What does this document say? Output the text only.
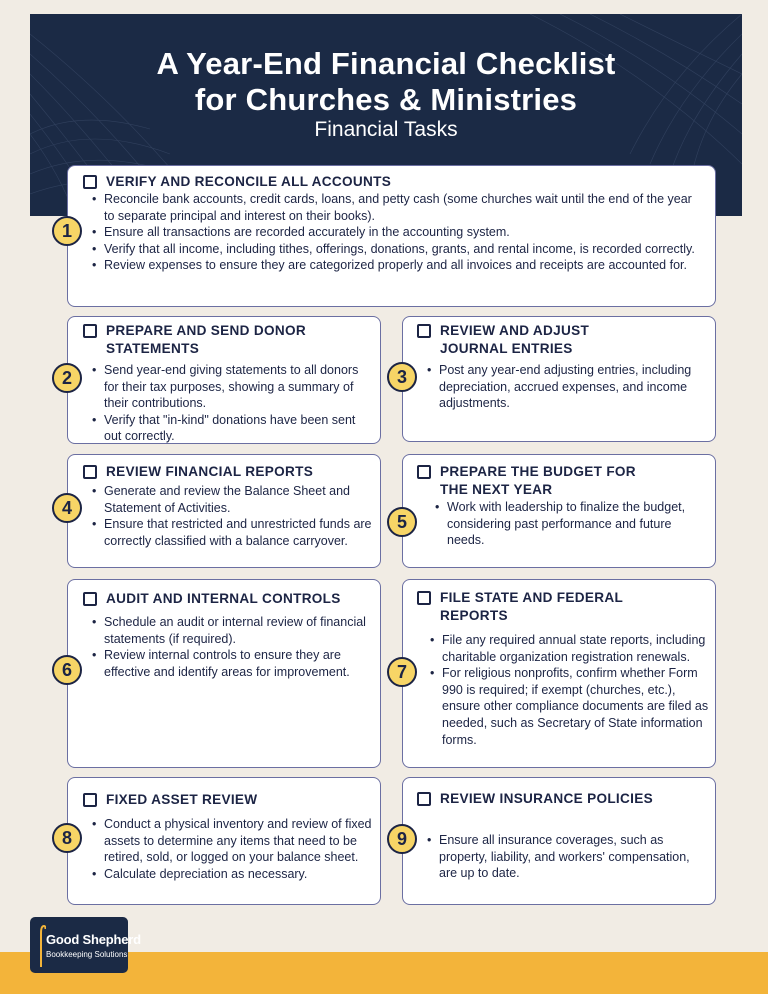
A Year-End Financial Checklist
for Churches & Ministries
Financial Tasks
VERIFY AND RECONCILE ALL ACCOUNTS
• Reconcile bank accounts, credit cards, loans, and petty cash (some churches wait until the end of the year to separate principal and interest on their books).
• Ensure all transactions are recorded accurately in the accounting system.
• Verify that all income, including tithes, offerings, donations, grants, and rental income, is recorded correctly.
• Review expenses to ensure they are categorized properly and all invoices and receipts are accounted for.
1
PREPARE AND SEND DONOR STATEMENTS
• Send year-end giving statements to all donors for their tax purposes, showing a summary of their contributions.
• Verify that "in-kind" donations have been sent out correctly.
2
REVIEW AND ADJUST JOURNAL ENTRIES
• Post any year-end adjusting entries, including depreciation, accrued expenses, and income adjustments.
3
REVIEW FINANCIAL REPORTS
• Generate and review the Balance Sheet and Statement of Activities.
• Ensure that restricted and unrestricted funds are correctly classified with a balance carryover.
4
PREPARE THE BUDGET FOR THE NEXT YEAR
• Work with leadership to finalize the budget, considering past performance and future needs.
5
AUDIT AND INTERNAL CONTROLS
• Schedule an audit or internal review of financial statements (if required).
• Review internal controls to ensure they are effective and identify areas for improvement.
6
FILE STATE AND FEDERAL REPORTS
• File any required annual state reports, including charitable organization registration renewals.
• For religious nonprofits, confirm whether Form 990 is required; if exempt (churches, etc.), ensure other compliance documents are filed as needed, such as Secretary of State information forms.
7
FIXED ASSET REVIEW
• Conduct a physical inventory and review of fixed assets to determine any items that need to be retired, sold, or logged on your balance sheet.
• Calculate depreciation as necessary.
8
REVIEW INSURANCE POLICIES
• Ensure all insurance coverages, such as property, liability, and workers' compensation, are up to date.
9
Good Shepherd
Bookkeeping Solutions
